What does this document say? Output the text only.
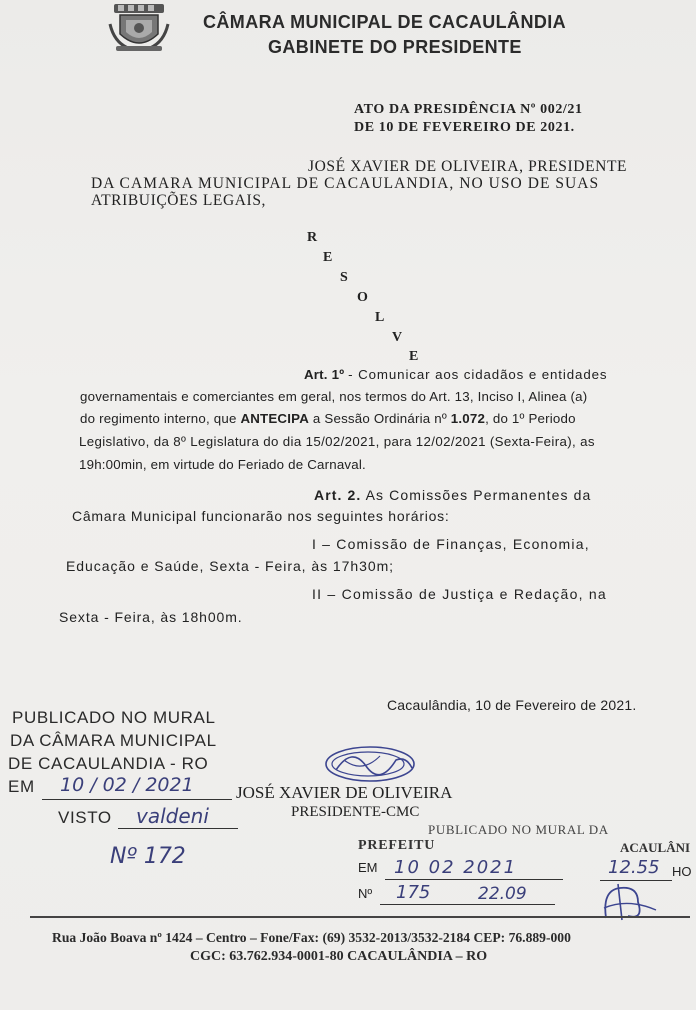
CÂMARA MUNICIPAL DE CACAULÂNDIA
GABINETE DO PRESIDENTE
ATO DA PRESIDÊNCIA Nº 002/21
DE 10 DE FEVEREIRO DE 2021.
JOSÉ XAVIER DE OLIVEIRA, PRESIDENTE
DA CAMARA MUNICIPAL DE CACAULANDIA, NO USO DE SUAS
ATRIBUIÇÕES LEGAIS,
R
E
S
O
L
V
E
Art. 1º - Comunicar aos cidadãos e entidades
governamentais e comerciantes em geral, nos termos do Art. 13, Inciso I, Alinea (a)
do regimento interno, que ANTECIPA a Sessão Ordinária nº 1.072, do 1º Periodo
Legislativo, da 8º Legislatura do dia 15/02/2021, para 12/02/2021 (Sexta-Feira), as
19h:00min, em virtude do Feriado de Carnaval.
Art. 2. As Comissões Permanentes da
Câmara Municipal funcionarão nos seguintes horários:
I – Comissão de Finanças, Economia,
Educação e Saúde, Sexta - Feira, às 17h30m;
II – Comissão de Justiça e Redação, na
Sexta - Feira, às 18h00m.
Cacaulândia, 10 de Fevereiro de 2021.
PUBLICADO NO MURAL
DA CÂMARA MUNICIPAL
DE CACAULANDIA - RO
EM 10 / 02 / 2021
VISTO valdeni
Nº 172
JOSÉ XAVIER DE OLIVEIRA
PRESIDENTE-CMC
PUBLICADO NO MURAL DA
PREFEITU	ACAULÂNI
EM 10 02 2021	12.55 HO
Nº 175	22.09
Rua João Boava nº 1424 – Centro – Fone/Fax: (69) 3532-2013/3532-2184 CEP: 76.889-000
CGC: 63.762.934-0001-80 CACAULÂNDIA – RO
